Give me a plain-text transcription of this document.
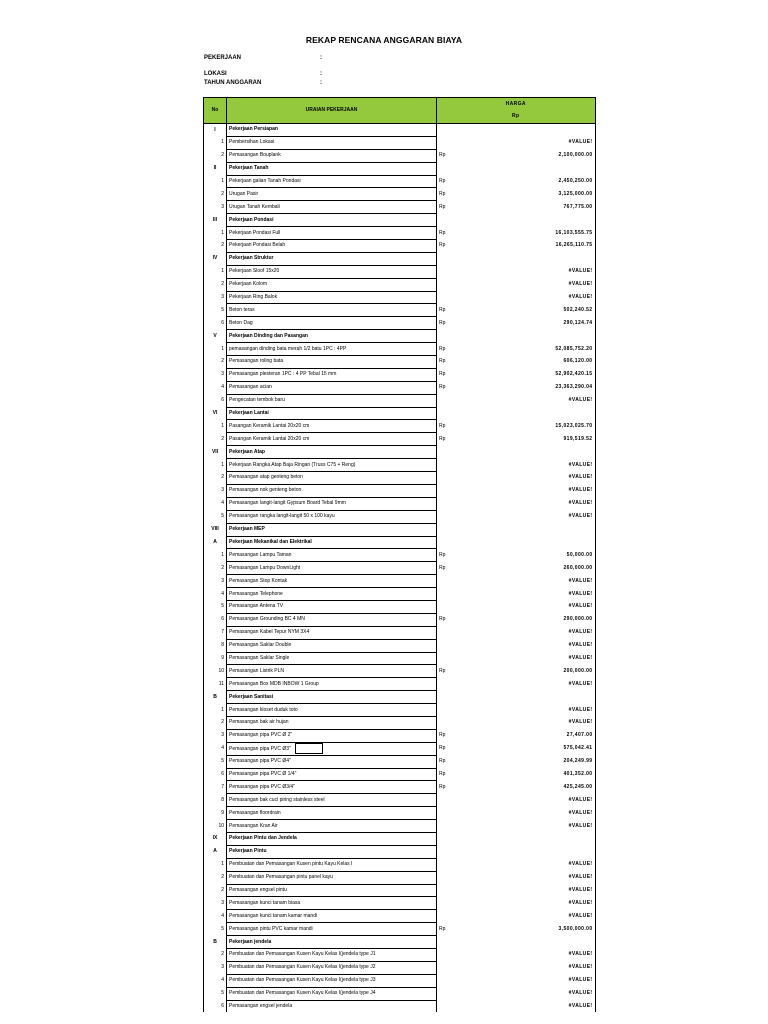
REKAP RENCANA ANGGARAN BIAYA
PEKERJAAN	:
LOKASI	:
TAHUN ANGGARAN	:
No	URAIAN PEKERJAAN	HARGA	
		Rp	
I	Pekerjaan Persiapan		
1	Pembersihan Lokasi		#VALUE!
2	Pemasangan Bouplank	Rp	2,100,000.00
II	Pekerjaan Tanah		
1	Pekerjaan galian Tanah Pondasi	Rp	2,450,250.00
2	Urugan Pasir	Rp	3,125,000.00
3	Urugan Tanah Kembali	Rp	767,775.00
III	Pekerjaan Pondasi		
1	Pekerjaan Pondasi Full	Rp	16,103,555.75
2	Pekerjaan Pondasi Belah	Rp	16,265,110.75
IV	Pekerjaan Struktur		
1	Pekerjaan Sloof 15x20		#VALUE!
2	Pekerjaan Kolom		#VALUE!
3	Pekerjaan Ring Balok		#VALUE!
5	Beton teras	Rp	502,240.52
6	Beton Dag	Rp	290,124.74
V	Pekerjaan Dinding dan Pasangan		
1	pemasangan dinding bata merah 1/2 batu 1PC : 4PP	Rp	52,085,752.20
2	Pemasangan roling bata	Rp	606,120.00
3	Pemasangan plesteran 1PC : 4 PP Tebal 15 mm	Rp	52,902,420.15
4	Pemasangan acian	Rp	23,363,290.04
6	Pengecatan tembok baru		#VALUE!
VI	Pekerjaan Lantai		
1	Pasangan Keramik Lantai 20x20 cm	Rp	15,023,025.70
2	Pasangan Keramik Lantai 20x20 cm	Rp	919,519.52
VII	Pekerjaan Atap		
1	Pekerjaan Rangka Atap Baja Ringan (Truss C75 + Reng)		#VALUE!
2	Pemasangan atap genteng beton		#VALUE!
3	Pemasangan nok genteng beton		#VALUE!
4	Pemasangan langit-langit Gypsum Board Tebal 9mm		#VALUE!
5	Pemasangan rangka langit-langit 50 x 100 kayu		#VALUE!
VIII	Pekerjaan MEP		
A	Pekerjaan Mekanikal dan Elektrikal		
1	Pemasangan Lampu Taman	Rp	50,000.00
2	Pemasangan Lampu DownLight	Rp	260,000.00
3	Pemasangan Stop Kontak		#VALUE!
4	Pemasangan Telephone		#VALUE!
5	Pemasangan Antena TV		#VALUE!
6	Pemasangan Grounding BC 4 MN	Rp	290,000.00
7	Pemasangan Kabel Tepur NYM 3X4		#VALUE!
8	Pemasangan Saklar Double		#VALUE!
9	Pemasangan Saklar Single		#VALUE!
10	Pemasangan Listrik PLN	Rp	200,000.00
11	Pemasangan Box MDB INBOW 1 Group		#VALUE!
B	Pekerjaan Sanitasi		
1	Pemasangan kloset duduk toto		#VALUE!
2	Pemasangan bak air hujan		#VALUE!
3	Pemasangan pipa PVC Ø 2"	Rp	27,407.00
4	Pemasangan pipa PVC Ø3"	Rp	575,042.41
5	Pemasangan pipa PVC Ø4"	Rp	204,249.99
6	Pemasangan pipa PVC Ø 1/4"	Rp	401,352.00
7	Pemasangan pipa PVC Ø3/4"	Rp	425,245.00
8	Pemasangan bak cuci piring stainless steel		#VALUE!
9	Pemasangan floordrain		#VALUE!
10	Pemasangan Kran Air		#VALUE!
IX	Pekerjaan Pintu dan Jendela		
A	Pekerjaan Pintu		
1	Pembuatan dan Pemasangan Kusen pintu Kayu Kelas I		#VALUE!
2	Pembuatan dan Pemasangan pintu panel kayu		#VALUE!
2	Pemasangan engsel pintu		#VALUE!
3	Pemasangan kunci tanam biasa		#VALUE!
4	Pemasangan kunci tanam kamar mandi		#VALUE!
5	Pemasangan pintu PVC kamar mandi	Rp	3,500,000.00
B	Pekerjaan jendela		
2	Pembuatan dan Pemasangan Kusen Kayu Kelas I(jendela type J1		#VALUE!
3	Pembuatan dan Pemasangan Kusen Kayu Kelas I(jendela type J2		#VALUE!
4	Pembuatan dan Pemasangan Kusen Kayu Kelas I(jendela type J3		#VALUE!
5	Pembuatan dan Pemasangan Kusen Kayu Kelas I(jendela type J4		#VALUE!
6	Pemasangan engsel jendela		#VALUE!
